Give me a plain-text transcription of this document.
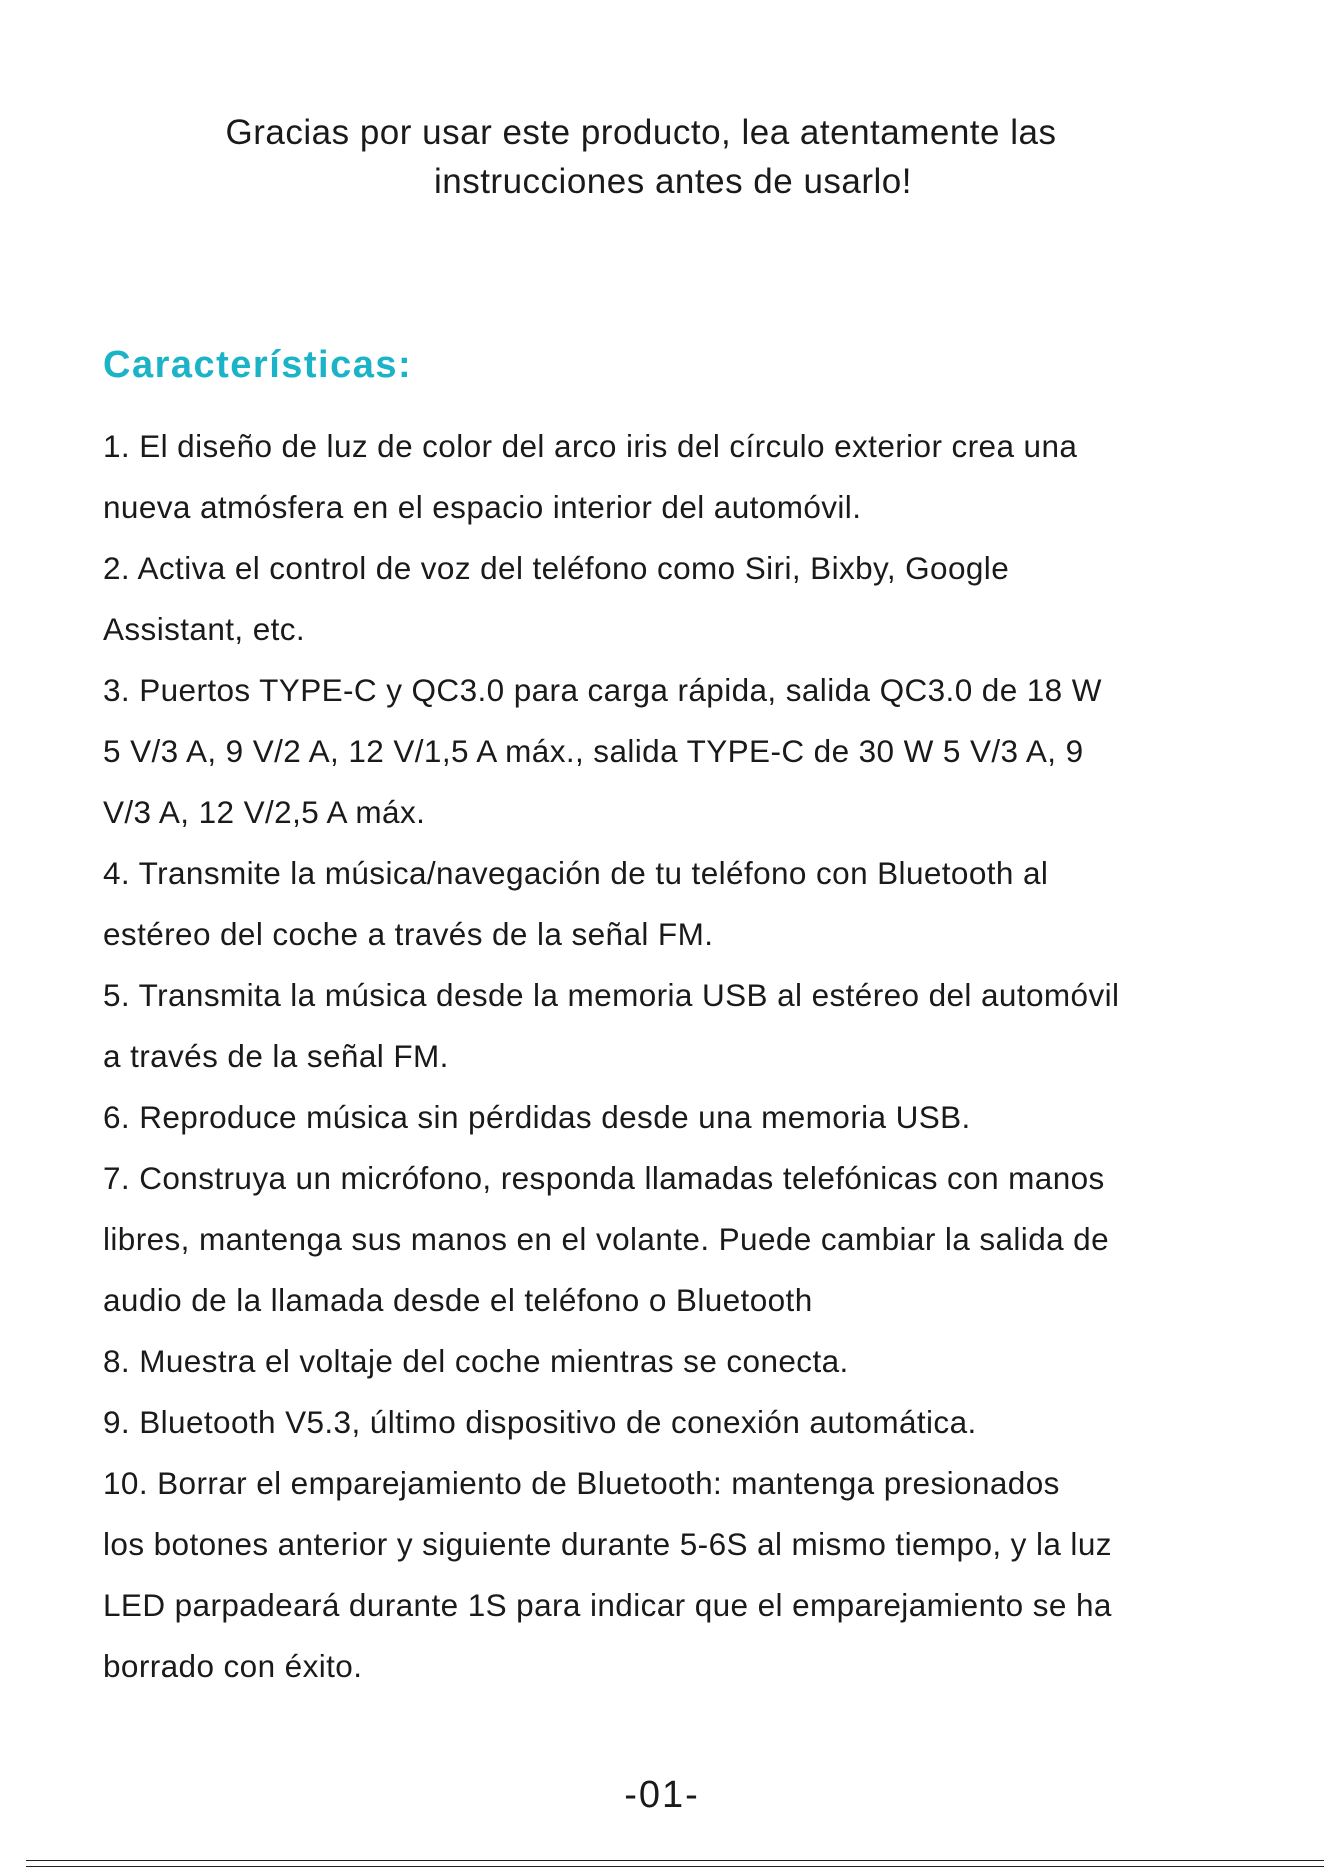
Gracias por usar este producto, lea atentamente las
instrucciones antes de usarlo!
Características:

1. El diseño de luz de color del arco iris del círculo exterior crea una

nueva atmósfera en el espacio interior del automóvil.

2. Activa el control de voz del teléfono como Siri, Bixby, Google

Assistant, etc.

3. Puertos TYPE-C y QC3.0 para carga rápida, salida QC3.0 de 18 W

5 V/3 A, 9 V/2 A, 12 V/1,5 A máx., salida TYPE-C de 30 W 5 V/3 A, 9

V/3 A, 12 V/2,5 A máx.

4. Transmite la música/navegación de tu teléfono con Bluetooth al

estéreo del coche a través de la señal FM.

5. Transmita la música desde la memoria USB al estéreo del automóvil

a través de la señal FM.

6. Reproduce música sin pérdidas desde una memoria USB.

7. Construya un micrófono, responda llamadas telefónicas con manos

libres, mantenga sus manos en el volante. Puede cambiar la salida de

audio de la llamada desde el teléfono o Bluetooth

8. Muestra el voltaje del coche mientras se conecta.

9. Bluetooth V5.3, último dispositivo de conexión automática.

10. Borrar el emparejamiento de Bluetooth: mantenga presionados

los botones anterior y siguiente durante 5-6S al mismo tiempo, y la luz

LED parpadeará durante 1S para indicar que el emparejamiento se ha

borrado con éxito.

-01-
